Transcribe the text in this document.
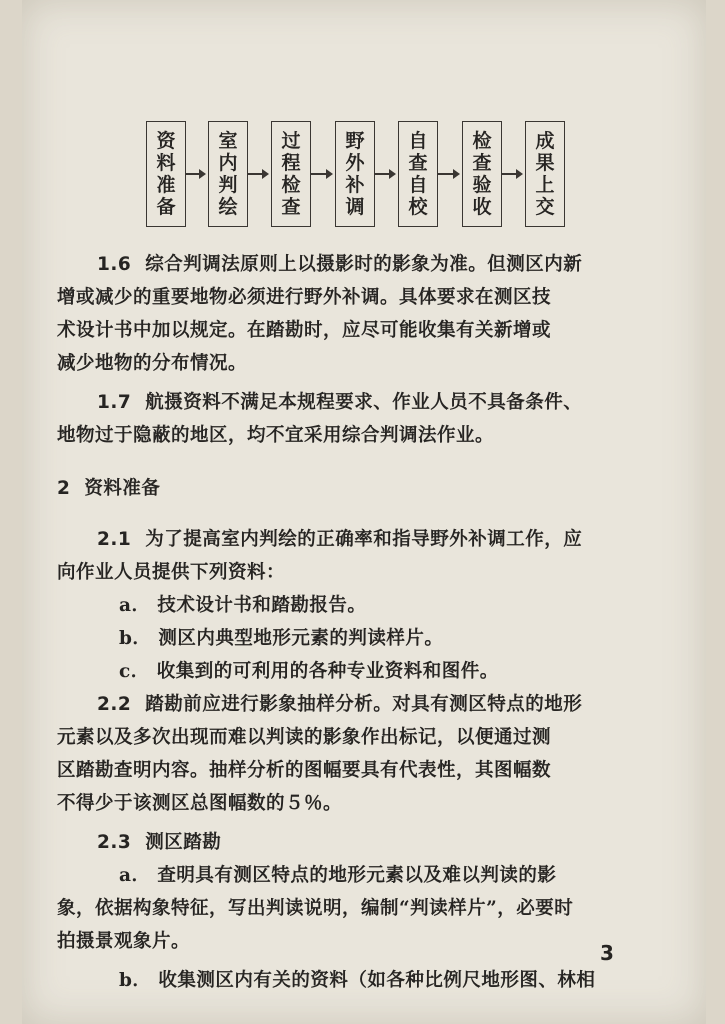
资
料
准
备
室
内
判
绘
过
程
检
查
野
外
补
调
自
查
自
校
检
查
验
收
成
果
上
交

1.6 综合判调法原则上以摄影时的影象为准。但测区内新

增或减少的重要地物必须进行野外补调。具体要求在测区技

术设计书中加以规定。在踏勘时，应尽可能收集有关新增或

减少地物的分布情况。

1.7 航摄资料不满足本规程要求、作业人员不具备条件、

地物过于隐蔽的地区，均不宜采用综合判调法作业。

2 资料准备

2.1 为了提高室内判绘的正确率和指导野外补调工作，应

向作业人员提供下列资料：

a． 技术设计书和踏勘报告。

b． 测区内典型地形元素的判读样片。

c． 收集到的可利用的各种专业资料和图件。

2.2 踏勘前应进行影象抽样分析。对具有测区特点的地形

元素以及多次出现而难以判读的影象作出标记，以便通过测

区踏勘查明内容。抽样分析的图幅要具有代表性，其图幅数

不得少于该测区总图幅数的５％。

2.3 测区踏勘

a． 查明具有测区特点的地形元素以及难以判读的影

象，依据构象特征，写出判读说明，编制“判读样片”，必要时

拍摄景观象片。

b． 收集测区内有关的资料（如各种比例尺地形图、林相

3
